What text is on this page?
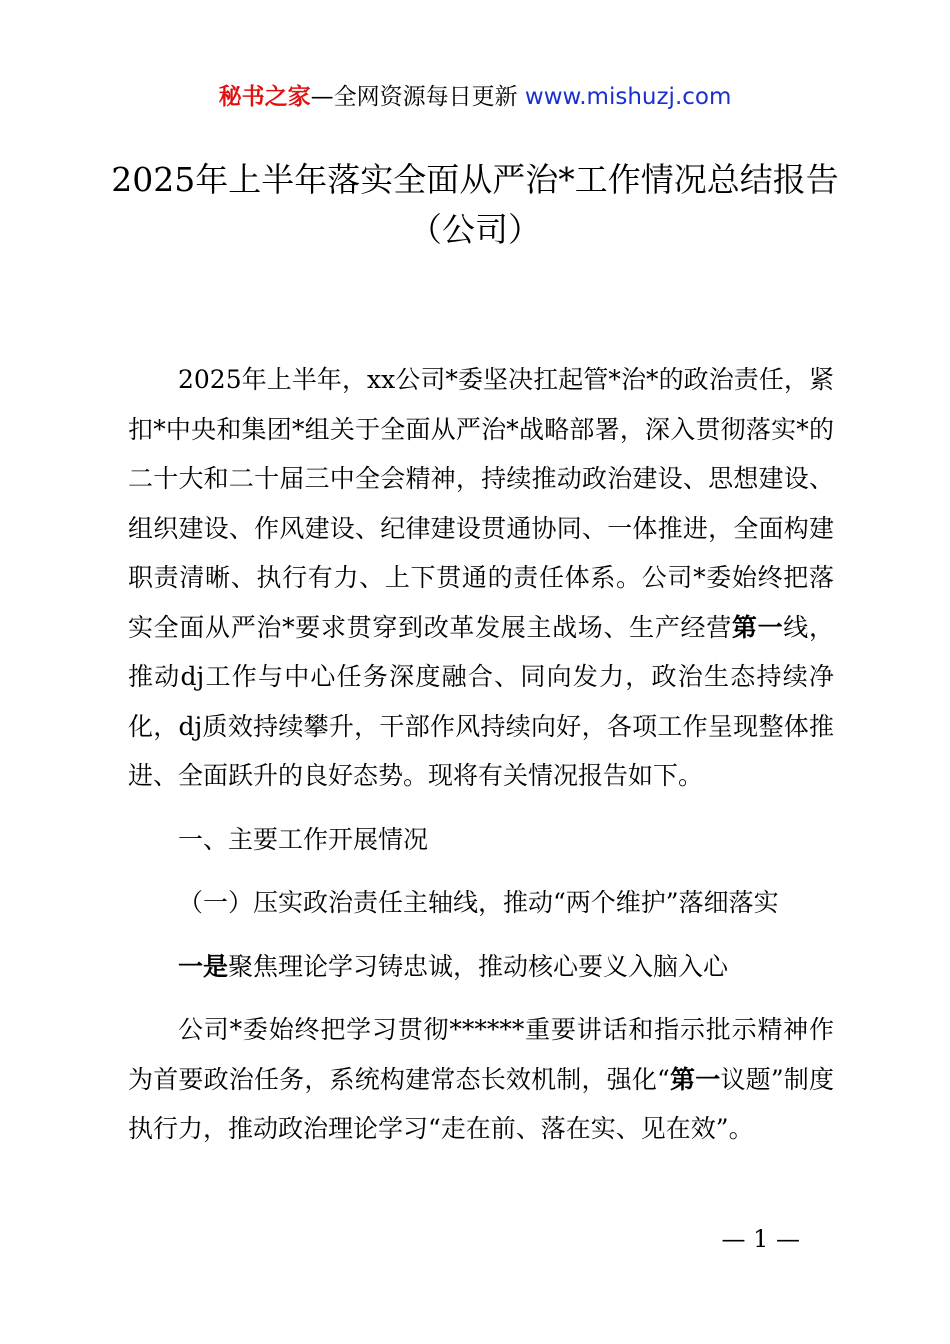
秘书之家—全网资源每日更新 www.mishuzj.com
2025年上半年落实全面从严治*工作情况总结报告（公司）

2025年上半年，xx公司*委坚决扛起管*治*的政治责任，紧扣*中央和集团*组关于全面从严治*战略部署，深入贯彻落实*的二十大和二十届三中全会精神，持续推动政治建设、思想建设、组织建设、作风建设、纪律建设贯通协同、一体推进，全面构建职责清晰、执行有力、上下贯通的责任体系。公司*委始终把落实全面从严治*要求贯穿到改革发展主战场、生产经营第一线，推动dj工作与中心任务深度融合、同向发力，政治生态持续净化，dj质效持续攀升，干部作风持续向好，各项工作呈现整体推进、全面跃升的良好态势。现将有关情况报告如下。

一、主要工作开展情况

（一）压实政治责任主轴线，推动“两个维护”落细落实

一是聚焦理论学习铸忠诚，推动核心要义入脑入心

公司*委始终把学习贯彻******重要讲话和指示批示精神作为首要政治任务，系统构建常态长效机制，强化“第一议题”制度执行力，推动政治理论学习“走在前、落在实、见在效”。

— 1 —
